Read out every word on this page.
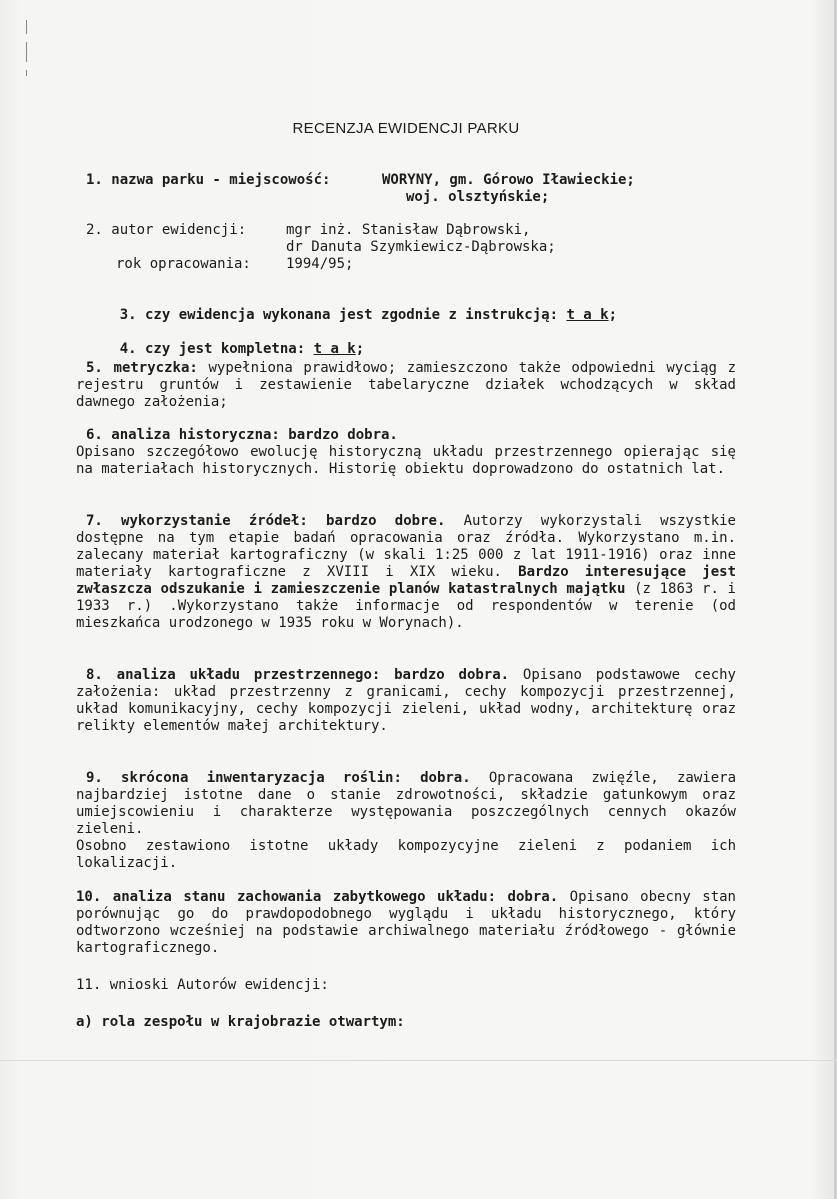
RECENZJA EWIDENCJI PARKU
1. nazwa parku - miejscowość:	WORYNY, gm. Górowo Iławieckie;
woj. olsztyńskie;
2. autor ewidencji:	mgr inż. Stanisław Dąbrowski,
dr Danuta Szymkiewicz-Dąbrowska;
rok opracowania:	1994/95;

3. czy ewidencja wykonana jest zgodnie z instrukcją: t a k;

4. czy jest kompletna: t a k;

5. metryczka: wypełniona prawidłowo; zamieszczono także odpowiedni wyciąg z rejestru gruntów i zestawienie tabelaryczne działek wchodzących w skład dawnego założenia;
6. analiza historyczna: bardzo dobra.
Opisano szczegółowo ewolucję historyczną układu przestrzennego opierając się na materiałach historycznych. Historię obiektu doprowadzono do ostatnich lat.
7. wykorzystanie źródeł: bardzo dobre. Autorzy wykorzystali wszystkie dostępne na tym etapie badań opracowania oraz źródła. Wykorzystano m.in. zalecany materiał kartograficzny (w skali 1:25 000 z lat 1911-1916) oraz inne materiały kartograficzne z XVIII i XIX wieku. Bardzo interesujące jest zwłaszcza odszukanie i zamieszczenie planów katastralnych majątku (z 1863 r. i 1933 r.) .Wykorzystano także informacje od respondentów w terenie (od mieszkańca urodzonego w 1935 roku w Worynach).
8. analiza układu przestrzennego: bardzo dobra. Opisano podstawowe cechy założenia: układ przestrzenny z granicami, cechy kompozycji przestrzennej, układ komunikacyjny, cechy kompozycji zieleni, układ wodny, architekturę oraz relikty elementów małej architektury.
9. skrócona inwentaryzacja roślin: dobra. Opracowana zwięźle, zawiera najbardziej istotne dane o stanie zdrowotności, składzie gatunkowym oraz umiejscowieniu i charakterze występowania poszczególnych cennych okazów zieleni.
Osobno zestawiono istotne układy kompozycyjne zieleni z podaniem ich lokalizacji.
10. analiza stanu zachowania zabytkowego układu: dobra. Opisano obecny stan porównując go do prawdopodobnego wyglądu i układu historycznego, który odtworzono wcześniej na podstawie archiwalnego materiału źródłowego - głównie kartograficznego.
11. wnioski Autorów ewidencji:
a) rola zespołu w krajobrazie otwartym:
